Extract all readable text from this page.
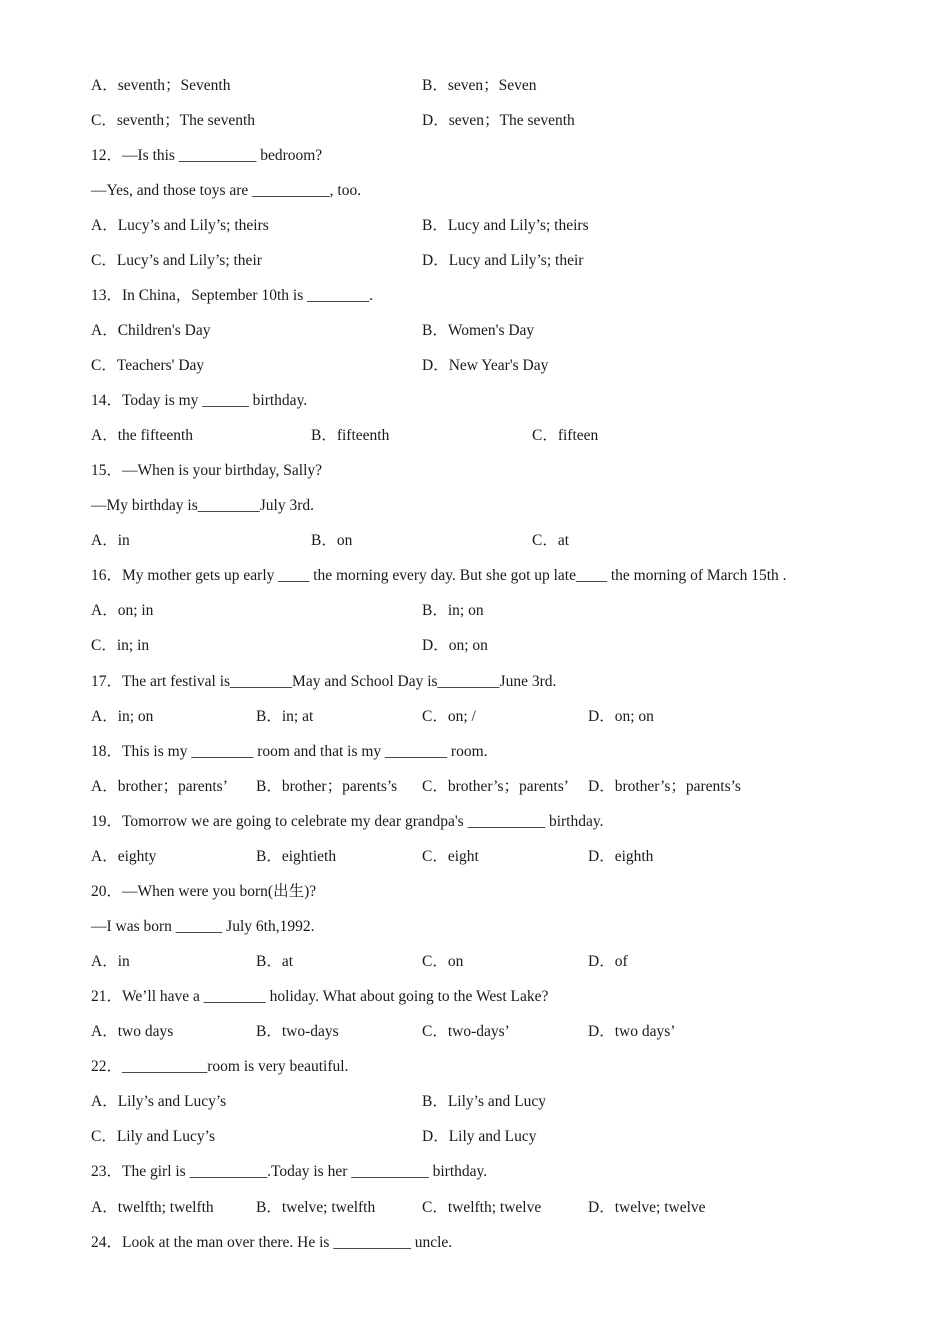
A．seventh；Seventh	B．seven；Seven
C．seventh；The seventh	D．seven；The seventh
12．—Is this __________ bedroom?
—Yes, and those toys are __________, too.
A．Lucy’s and Lily’s; theirs	B．Lucy and Lily’s; theirs
C．Lucy’s and Lily’s; their	D．Lucy and Lily’s; their
13．In China，September 10th is ________.
A．Children's Day	B．Women's Day
C．Teachers' Day	D．New Year's Day
14．Today is my ______ birthday.
A．the fifteenth	B．fifteenth	C．fifteen
15．—When is your birthday, Sally?
—My birthday is________July 3rd.
A．in	B．on	C．at
16．My mother gets up early ____ the morning every day. But she got up late____ the morning of March 15th .
A．on; in	B．in; on
C．in; in	D．on; on
17．The art festival is________May and School Day is________June 3rd.
A．in; on	B．in; at	C．on; /	D．on; on
18．This is my ________ room and that is my ________ room.
A．brother；parents’ B．brother；parents’s C．brother’s；parents’ D．brother’s；parents’s
19．Tomorrow we are going to celebrate my dear grandpa's __________ birthday.
A．eighty	B．eightieth	C．eight	D．eighth
20．—When were you born(出生)?
—I was born ______ July 6th,1992.
A．in	B．at	C．on	D．of
21．We’ll have a ________ holiday. What about going to the West Lake?
A．two days	B．two-days	C．two-days’	D．two days’
22．___________room is very beautiful.
A．Lily’s and Lucy’s	B．Lily’s and Lucy
C．Lily and Lucy’s	D．Lily and Lucy
23．The girl is __________.Today is her __________ birthday.
A．twelfth; twelfth	B．twelve; twelfth	C．twelfth; twelve	D．twelve; twelve
24．Look at the man over there. He is __________ uncle.
